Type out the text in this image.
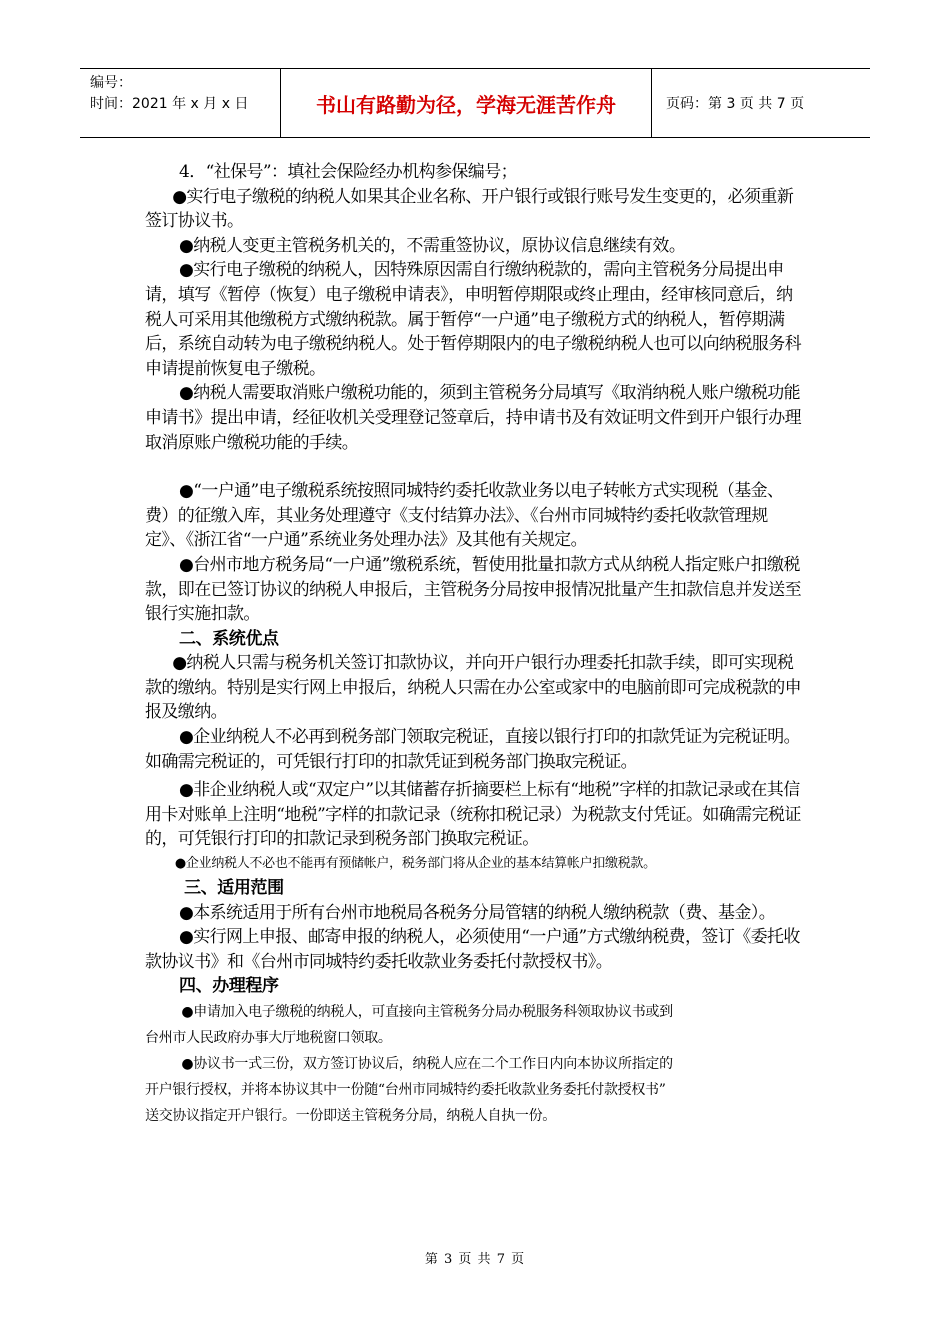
编号：
时间：2021 年 x 月 x 日	书山有路勤为径，学海无涯苦作舟	页码：第 3 页 共 7 页

4．“社保号”：填社会保险经办机构参保编号；

●实行电子缴税的纳税人如果其企业名称、开户银行或银行账号发生变更的，必须重新签订协议书。

●纳税人变更主管税务机关的，不需重签协议，原协议信息继续有效。

●实行电子缴税的纳税人，因特殊原因需自行缴纳税款的，需向主管税务分局提出申请，填写《暂停（恢复）电子缴税申请表》，申明暂停期限或终止理由，经审核同意后，纳税人可采用其他缴税方式缴纳税款。属于暂停“一户通”电子缴税方式的纳税人，暂停期满后，系统自动转为电子缴税纳税人。处于暂停期限内的电子缴税纳税人也可以向纳税服务科申请提前恢复电子缴税。

●纳税人需要取消账户缴税功能的，须到主管税务分局填写《取消纳税人账户缴税功能申请书》提出申请，经征收机关受理登记签章后，持申请书及有效证明文件到开户银行办理取消原账户缴税功能的手续。

●“一户通”电子缴税系统按照同城特约委托收款业务以电子转帐方式实现税（基金、费）的征缴入库，其业务处理遵守《支付结算办法》、《台州市同城特约委托收款管理规定》、《浙江省“一户通”系统业务处理办法》及其他有关规定。

●台州市地方税务局“一户通”缴税系统，暂使用批量扣款方式从纳税人指定账户扣缴税款，即在已签订协议的纳税人申报后，主管税务分局按申报情况批量产生扣款信息并发送至银行实施扣款。

二、系统优点

●纳税人只需与税务机关签订扣款协议，并向开户银行办理委托扣款手续，即可实现税款的缴纳。特别是实行网上申报后，纳税人只需在办公室或家中的电脑前即可完成税款的申报及缴纳。

●企业纳税人不必再到税务部门领取完税证，直接以银行打印的扣款凭证为完税证明。如确需完税证的，可凭银行打印的扣款凭证到税务部门换取完税证。

●非企业纳税人或“双定户”以其储蓄存折摘要栏上标有“地税”字样的扣款记录或在其信用卡对账单上注明“地税”字样的扣款记录（统称扣税记录）为税款支付凭证。如确需完税证的，可凭银行打印的扣款记录到税务部门换取完税证。

●企业纳税人不必也不能再有预储帐户，税务部门将从企业的基本结算帐户扣缴税款。

三、适用范围

●本系统适用于所有台州市地税局各税务分局管辖的纳税人缴纳税款（费、基金）。

●实行网上申报、邮寄申报的纳税人，必须使用“一户通”方式缴纳税费，签订《委托收款协议书》和《台州市同城特约委托收款业务委托付款授权书》。

四、办理程序

●申请加入电子缴税的纳税人，可直接向主管税务分局办税服务科领取协议书或到

台州市人民政府办事大厅地税窗口领取。

●协议书一式三份，双方签订协议后，纳税人应在二个工作日内向本协议所指定的

开户银行授权，并将本协议其中一份随“台州市同城特约委托收款业务委托付款授权书”

送交协议指定开户银行。一份即送主管税务分局，纳税人自执一份。

第 3 页 共 7 页
